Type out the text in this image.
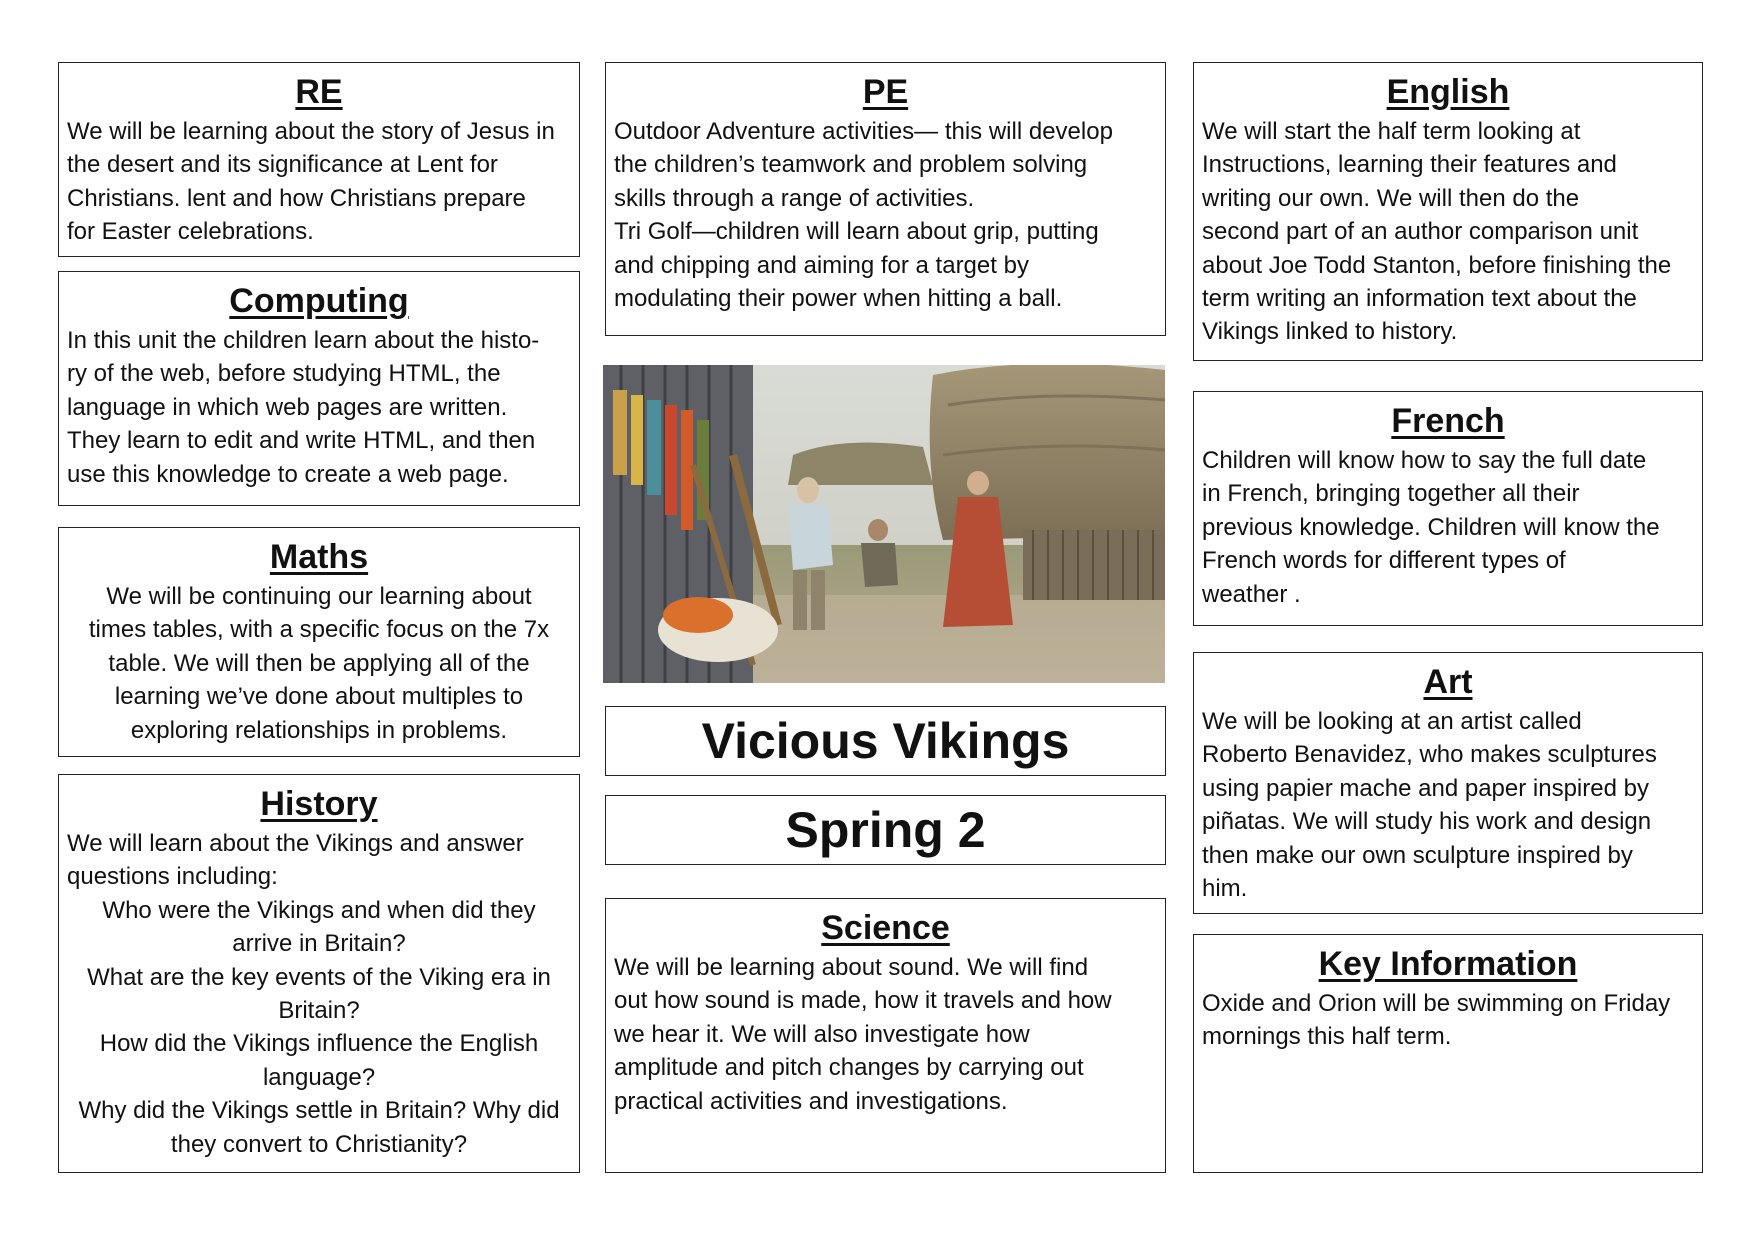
RE

We will be learning about the story of Jesus in
the desert and its significance at Lent for
Christians. lent and how Christians prepare
for Easter celebrations.

Computing

In this unit the children learn about the histo-
ry of the web, before studying HTML, the
language in which web pages are written.
They learn to edit and write HTML, and then
use this knowledge to create a web page.

Maths

We will be continuing our learning about
times tables, with a specific focus on the 7x
table. We will then be applying all of the
learning we’ve done about multiples to
exploring relationships in problems.

History

We will learn about the Vikings and answer
questions including:

Who were the Vikings and when did they
arrive in Britain?
What are the key events of the Viking era in
Britain?
How did the Vikings influence the English
language?
Why did the Vikings settle in Britain? Why did
they convert to Christianity?

PE

Outdoor Adventure activities— this will develop
the children’s teamwork and problem solving
skills through a range of activities.
Tri Golf—children will learn about grip, putting
and chipping and aiming for a target by
modulating their power when hitting a ball.

Vicious Vikings
Spring 2
Science

We will be learning about sound. We will find
out how sound is made, how it travels and how
we hear it. We will also investigate how
amplitude and pitch changes by carrying out
practical activities and investigations.

English

We will start the half term looking at
Instructions, learning their features and
writing our own. We will then do the
second part of an author comparison unit
about Joe Todd Stanton, before finishing the
term writing an information text about the
Vikings linked to history.

French

Children will know how to say the full date
in French, bringing together all their
previous knowledge. Children will know the
French words for different types of
weather .

Art

We will be looking at an artist called
Roberto Benavidez, who makes sculptures
using papier mache and paper inspired by
piñatas. We will study his work and design
then make our own sculpture inspired by
him.

Key Information

Oxide and Orion will be swimming on Friday
mornings this half term.
